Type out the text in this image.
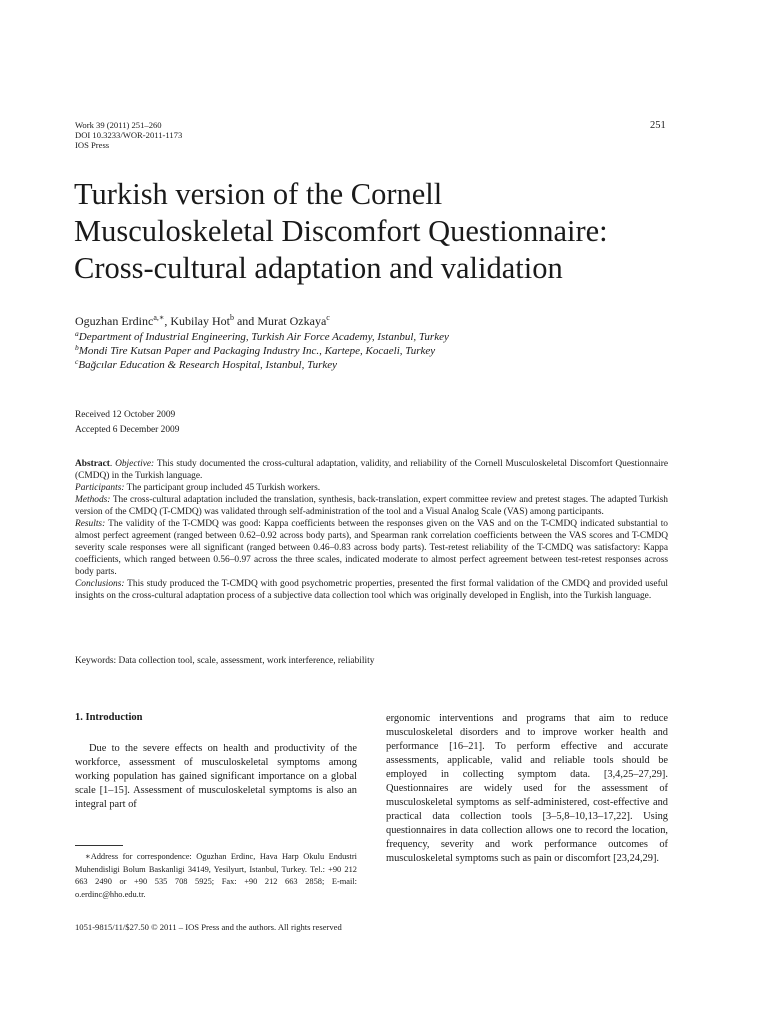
Work 39 (2011) 251–260
DOI 10.3233/WOR-2011-1173
IOS Press
251
Turkish version of the Cornell
Musculoskeletal Discomfort Questionnaire:
Cross-cultural adaptation and validation
Oguzhan Erdinc$^{a,∗}$, Kubilay Hot$^b$ and Murat Ozkaya$^c$
$^a$Department of Industrial Engineering, Turkish Air Force Academy, Istanbul, Turkey
$^b$Mondi Tire Kutsan Paper and Packaging Industry Inc., Kartepe, Kocaeli, Turkey
$^c$Bağcılar Education & Research Hospital, Istanbul, Turkey
Received 12 October 2009
Accepted 6 December 2009

Abstract. Objective: This study documented the cross-cultural adaptation, validity, and reliability of the Cornell Musculoskeletal Discomfort Questionnaire (CMDQ) in the Turkish language.

Participants: The participant group included 45 Turkish workers.

Methods: The cross-cultural adaptation included the translation, synthesis, back-translation, expert committee review and pretest stages. The adapted Turkish version of the CMDQ (T-CMDQ) was validated through self-administration of the tool and a Visual Analog Scale (VAS) among participants.

Results: The validity of the T-CMDQ was good: Kappa coefficients between the responses given on the VAS and on the T-CMDQ indicated substantial to almost perfect agreement (ranged between 0.62–0.92 across body parts), and Spearman rank correlation coefficients between the VAS scores and T-CMDQ severity scale responses were all significant (ranged between 0.46–0.83 across body parts). Test-retest reliability of the T-CMDQ was satisfactory: Kappa coefficients, which ranged between 0.56–0.97 across the three scales, indicated moderate to almost perfect agreement between test-retest responses across body parts.

Conclusions: This study produced the T-CMDQ with good psychometric properties, presented the first formal validation of the CMDQ and provided useful insights on the cross-cultural adaptation process of a subjective data collection tool which was originally developed in English, into the Turkish language.

Keywords: Data collection tool, scale, assessment, work interference, reliability
1. Introduction
Due to the severe effects on health and productivity of the workforce, assessment of musculoskeletal symptoms among working population has gained significant importance on a global scale [1–15]. Assessment of musculoskeletal symptoms is also an integral part of
ergonomic interventions and programs that aim to reduce musculoskeletal disorders and to improve worker health and performance [16–21]. To perform effective and accurate assessments, applicable, valid and reliable tools should be employed in collecting symptom data. [3,4,25–27,29]. Questionnaires are widely used for the assessment of musculoskeletal symptoms as self-administered, cost-effective and practical data collection tools [3–5,8–10,13–17,22]. Using questionnaires in data collection allows one to record the location, frequency, severity and work performance outcomes of musculoskeletal symptoms such as pain or discomfort [23,24,29].
∗Address for correspondence: Oguzhan Erdinc, Hava Harp Okulu Endustri Muhendisligi Bolum Baskanligi 34149, Yesilyurt, Istanbul, Turkey. Tel.: +90 212 663 2490 or +90 535 708 5925; Fax: +90 212 663 2858; E-mail: o.erdinc@hho.edu.tr.
1051-9815/11/$27.50 © 2011 – IOS Press and the authors. All rights reserved
